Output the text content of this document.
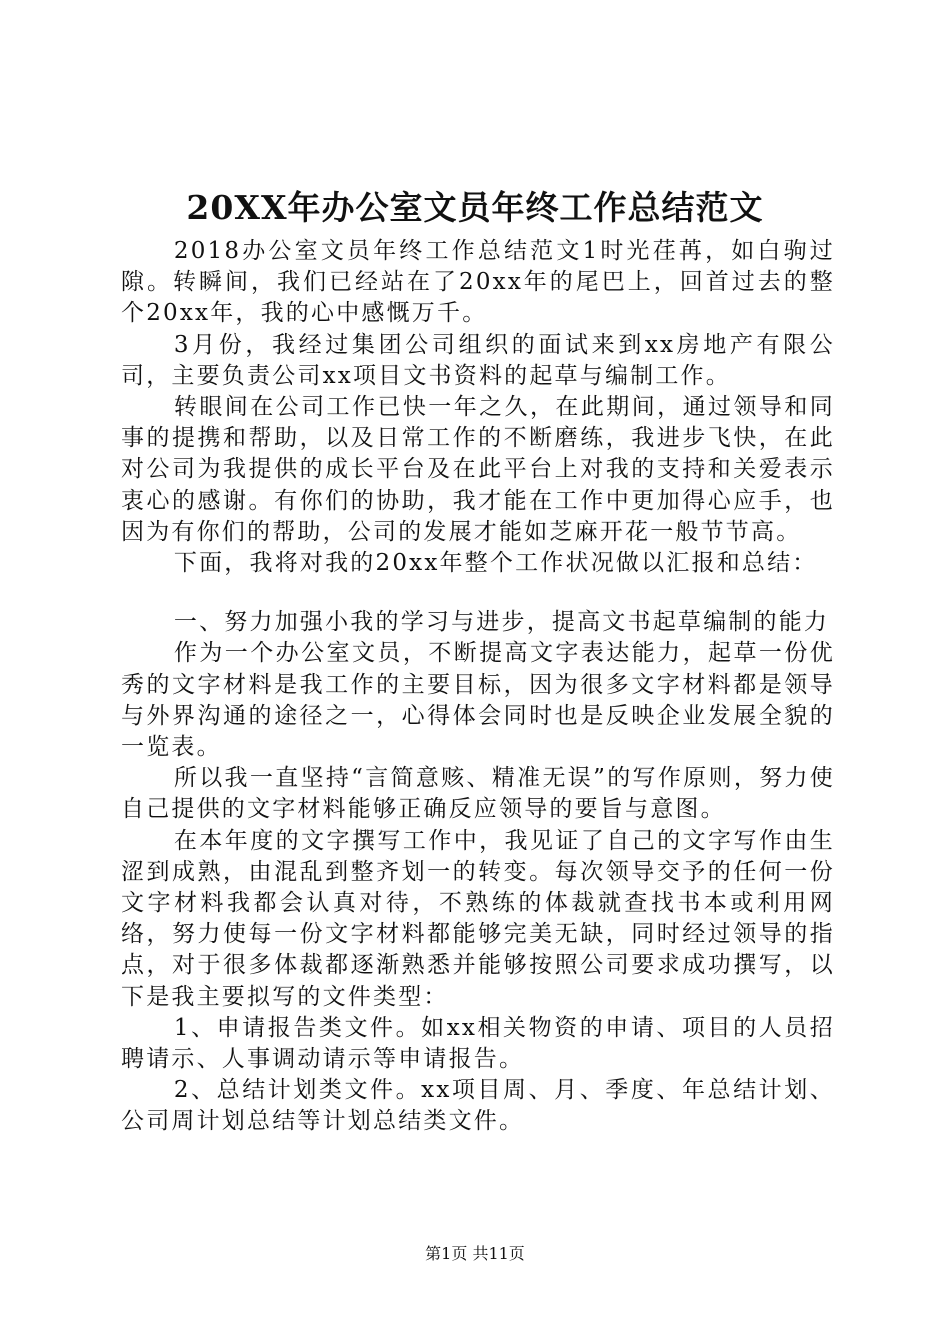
20XX年办公室文员年终工作总结范文

2018办公室文员年终工作总结范文1时光荏苒，如白驹过隙。转瞬间，我们已经站在了20xx年的尾巴上，回首过去的整个20xx年，我的心中感慨万千。

3月份，我经过集团公司组织的面试来到xx房地产有限公司，主要负责公司xx项目文书资料的起草与编制工作。

转眼间在公司工作已快一年之久，在此期间，通过领导和同事的提携和帮助，以及日常工作的不断磨练，我进步飞快，在此对公司为我提供的成长平台及在此平台上对我的支持和关爱表示衷心的感谢。有你们的协助，我才能在工作中更加得心应手，也因为有你们的帮助，公司的发展才能如芝麻开花一般节节高。

下面，我将对我的20xx年整个工作状况做以汇报和总结：

一、努力加强小我的学习与进步，提高文书起草编制的能力

作为一个办公室文员，不断提高文字表达能力，起草一份优秀的文字材料是我工作的主要目标，因为很多文字材料都是领导与外界沟通的途径之一，心得体会同时也是反映企业发展全貌的一览表。

所以我一直坚持“言简意赅、精准无误”的写作原则，努力使自己提供的文字材料能够正确反应领导的要旨与意图。

在本年度的文字撰写工作中，我见证了自己的文字写作由生涩到成熟，由混乱到整齐划一的转变。每次领导交予的任何一份文字材料我都会认真对待，不熟练的体裁就查找书本或利用网络，努力使每一份文字材料都能够完美无缺，同时经过领导的指点，对于很多体裁都逐渐熟悉并能够按照公司要求成功撰写，以下是我主要拟写的文件类型：

1、申请报告类文件。如xx相关物资的申请、项目的人员招聘请示、人事调动请示等申请报告。

2、总结计划类文件。xx项目周、月、季度、年总结计划、公司周计划总结等计划总结类文件。

第1页 共11页
